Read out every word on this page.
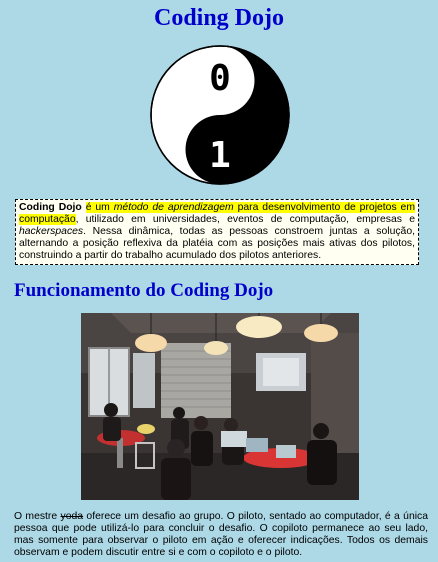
Coding Dojo
0
1
Coding Dojo é um método de aprendizagem para desenvolvimento de projetos em computação, utilizado em universidades, eventos de computação, empresas e hackerspaces. Nessa dinâmica, todas as pessoas constroem juntas a solução, alternando a posição reflexiva da platéia com as posições mais ativas dos pilotos, construindo a partir do trabalho acumulado dos pilotos anteriores.
Funcionamento do Coding Dojo

O mestre yoda oferece um desafio ao grupo. O piloto, sentado ao computador, é a única pessoa que pode utilizá-lo para concluir o desafio. O copiloto permanece ao seu lado, mas somente para observar o piloto em ação e oferecer indicações. Todos os demais observam e podem discutir entre si e com o copiloto e o piloto.
